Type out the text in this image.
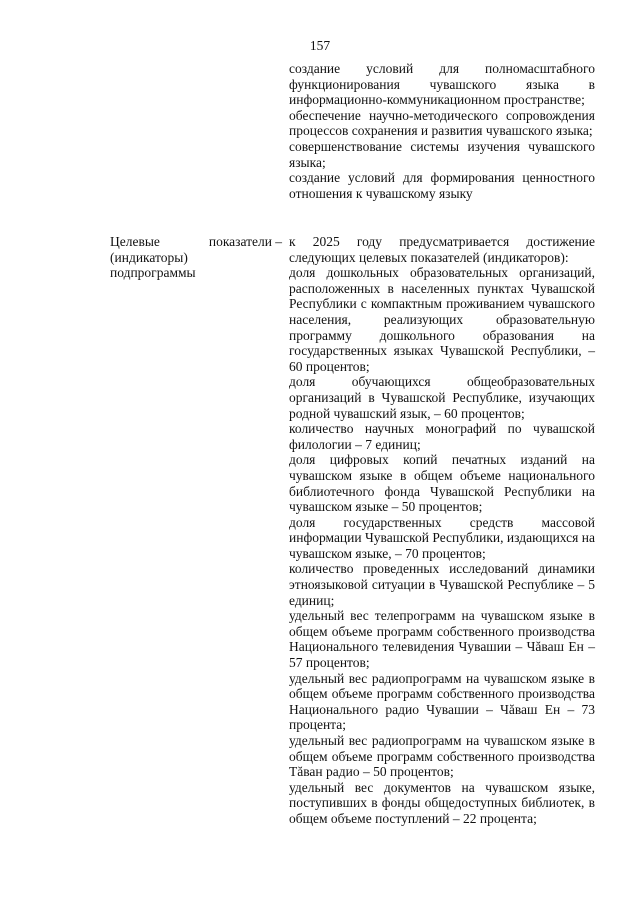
157
создание условий для полномасштабного функционирования чувашского языка в информационно-коммуникационном пространстве;
обеспечение научно-методического сопровождения процессов сохранения и развития чувашского языка;
совершенствование системы изучения чувашского языка;
создание условий для формирования ценностного отношения к чувашскому языку
Целевые показатели (индикаторы) подпрограммы
– к 2025 году предусматривается достижение следующих целевых показателей (индикаторов):
доля дошкольных образовательных организаций, расположенных в населенных пунктах Чувашской Республики с компактным проживанием чувашского населения, реализующих образовательную программу дошкольного образования на государственных языках Чувашской Республики, – 60 процентов;
доля обучающихся общеобразовательных организаций в Чувашской Республике, изучающих родной чувашский язык, – 60 процентов;
количество научных монографий по чувашской филологии – 7 единиц;
доля цифровых копий печатных изданий на чувашском языке в общем объеме национального библиотечного фонда Чувашской Республики на чувашском языке – 50 процентов;
доля государственных средств массовой информации Чувашской Республики, издающихся на чувашском языке, – 70 процентов;
количество проведенных исследований динамики этноязыковой ситуации в Чувашской Республике – 5 единиц;
удельный вес телепрограмм на чувашском языке в общем объеме программ собственного производства Национального телевидения Чувашии – Чăваш Ен – 57 процентов;
удельный вес радиопрограмм на чувашском языке в общем объеме программ собственного производства Национального радио Чувашии – Чăваш Ен – 73 процента;
удельный вес радиопрограмм на чувашском языке в общем объеме программ собственного производства Тăван радио – 50 процентов;
удельный вес документов на чувашском языке, поступивших в фонды общедоступных библиотек, в общем объеме поступлений – 22 процента;
